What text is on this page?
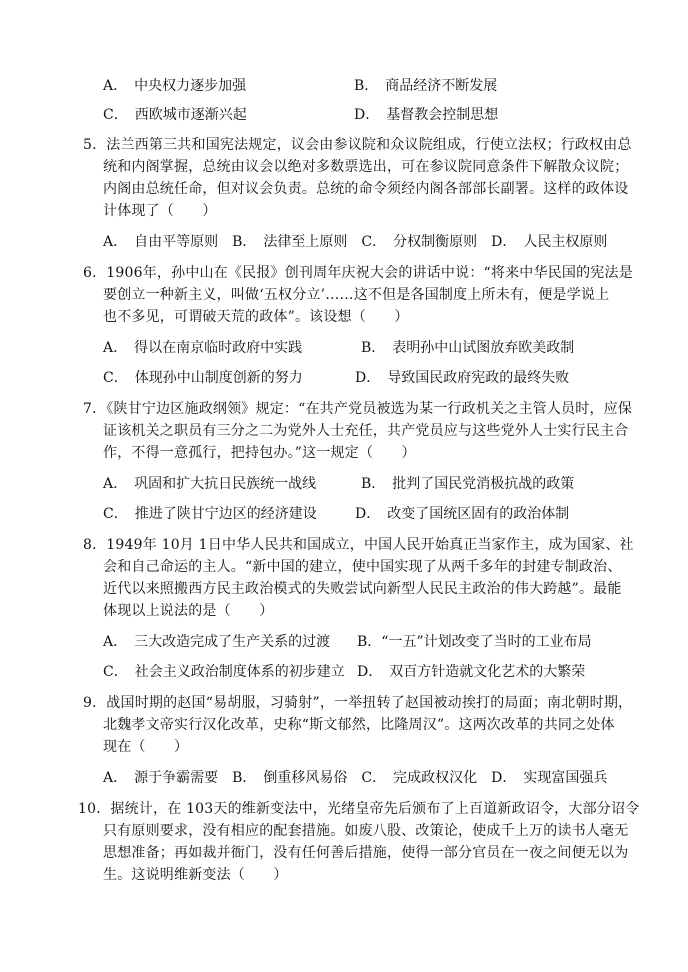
A．　中央权力逐步加强	B．　商品经济不断发展
C．　西欧城市逐渐兴起	D．　基督教会控制思想
5．法兰西第三共和国宪法规定，议会由参议院和众议院组成，行使立法权；行政权由总
统和内阁掌握，总统由议会以绝对多数票选出，可在参议院同意条件下解散众议院；
内阁由总统任命，但对议会负责。总统的命令须经内阁各部部长副署。这样的政体设
计体现了（　　）
A．　自由平等原则　B．　法律至上原则　C．　分权制衡原则　D．　人民主权原则
6．1906年，孙中山在《民报》创刊周年庆祝大会的讲话中说：“将来中华民国的宪法是
要创立一种新主义，叫做‘五权分立’……这不但是各国制度上所未有，便是学说上
也不多见，可谓破天荒的政体”。该设想（　　）
A．　得以在南京临时政府中实践	B．　表明孙中山试图放弃欧美政制
C．　体现孙中山制度创新的努力	D．　导致国民政府宪政的最终失败
7．《陕甘宁边区施政纲领》规定：“在共产党员被选为某一行政机关之主管人员时，应保
证该机关之职员有三分之二为党外人士充任，共产党员应与这些党外人士实行民主合
作，不得一意孤行，把持包办。”这一规定（　　）
A．　巩固和扩大抗日民族统一战线	B．　批判了国民党消极抗战的政策
C．　推进了陕甘宁边区的经济建设	D．　改变了国统区固有的政治体制
8．1949年 10月 1日中华人民共和国成立，中国人民开始真正当家作主，成为国家、社
会和自己命运的主人。“新中国的建立，使中国实现了从两千多年的封建专制政治、
近代以来照搬西方民主政治模式的失败尝试向新型人民民主政治的伟大跨越”。最能
体现以上说法的是（　　）
A．　三大改造完成了生产关系的过渡 B．“一五”计划改变了当时的工业布局
C．　社会主义政治制度体系的初步建立 D．　双百方针造就文化艺术的大繁荣
9．战国时期的赵国“易胡服，习骑射”，一举扭转了赵国被动挨打的局面；南北朝时期，
北魏孝文帝实行汉化改革，史称“斯文郁然，比隆周汉”。这两次改革的共同之处体
现在（　　）
A．　源于争霸需要　B．　倒重移风易俗　C．　完成政权汉化　D．　实现富国强兵
10．据统计，在 103天的维新变法中，光绪皇帝先后颁布了上百道新政诏令，大部分诏令
只有原则要求，没有相应的配套措施。如废八股、改策论，使成千上万的读书人毫无
思想准备；再如裁并衙门，没有任何善后措施，使得一部分官员在一夜之间便无以为
生。这说明维新变法（　　）
